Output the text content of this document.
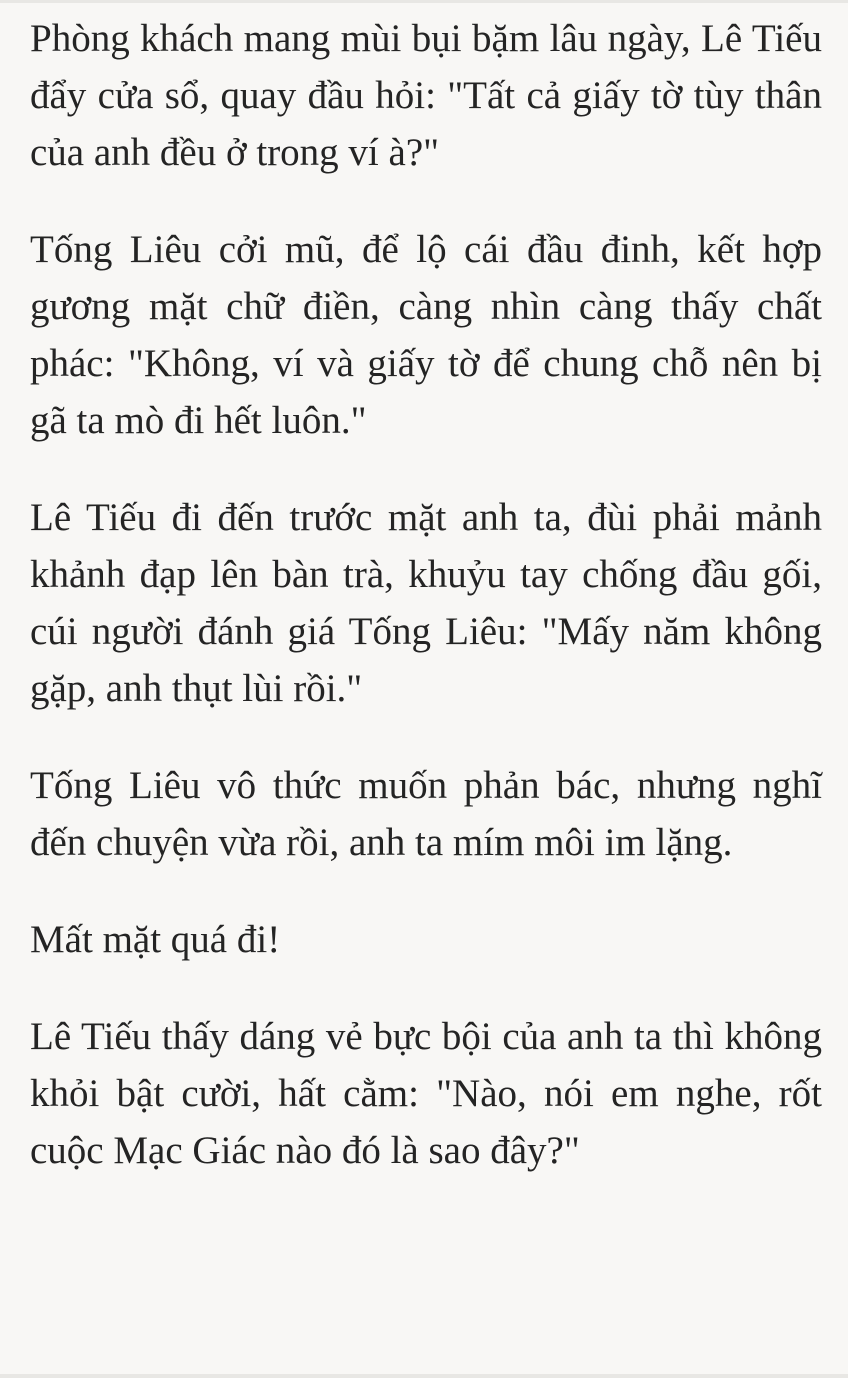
Phòng khách mang mùi bụi bặm lâu ngày, Lê Tiếu đẩy cửa sổ, quay đầu hỏi: "Tất cả giấy tờ tùy thân của anh đều ở trong ví à?"

Tống Liêu cởi mũ, để lộ cái đầu đinh, kết hợp gương mặt chữ điền, càng nhìn càng thấy chất phác: "Không, ví và giấy tờ để chung chỗ nên bị gã ta mò đi hết luôn."

Lê Tiếu đi đến trước mặt anh ta, đùi phải mảnh khảnh đạp lên bàn trà, khuỷu tay chống đầu gối, cúi người đánh giá Tống Liêu: "Mấy năm không gặp, anh thụt lùi rồi."

Tống Liêu vô thức muốn phản bác, nhưng nghĩ đến chuyện vừa rồi, anh ta mím môi im lặng.

Mất mặt quá đi!

Lê Tiếu thấy dáng vẻ bực bội của anh ta thì không khỏi bật cười, hất cằm: "Nào, nói em nghe, rốt cuộc Mạc Giác nào đó là sao đây?"
